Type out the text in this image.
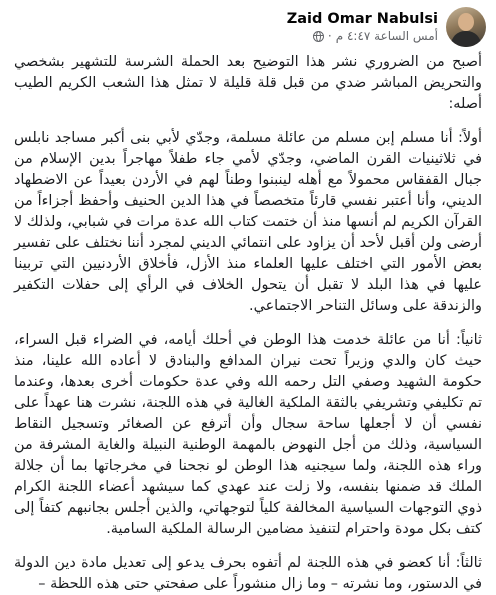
Zaid Omar Nabulsi
أمس الساعة ٤:٤٧ م
·

أصبح من الضروري نشر هذا التوضيح بعد الحملة الشرسة للتشهير بشخصي والتحريض المباشر ضدي من قبل قلة قليلة لا تمثل هذا الشعب الكريم الطيب أصله:

أولاً: أنا مسلم إبن مسلم من عائلة مسلمة، وجدّي لأبي بنى أكبر مساجد نابلس في ثلاثينيات القرن الماضي، وجدّي لأمي جاء طفلاً مهاجراً بدين الإسلام من جبال القفقاس محمولاً مع أهله لينبنوا وطناً لهم في الأردن بعيداً عن الاضطهاد الديني، وأنا أعتبر نفسي قارئاً متخصصاً في هذا الدين الحنيف وأحفظ أجزاءاً من القرآن الكريم لم أنسها منذ أن ختمت كتاب الله عدة مرات في شبابي، ولذلك لا أرضى ولن أقبل لأحد أن يزاود على انتمائي الديني لمجرد أننا نختلف على تفسير بعض الأمور التي اختلف عليها العلماء منذ الأزل، فأخلاق الأردنيين التي تربينا عليها في هذا البلد لا تقبل أن يتحول الخلاف في الرأي إلى حفلات التكفير والزندقة على وسائل التناحر الاجتماعي.

ثانياً: أنا من عائلة خدمت هذا الوطن في أحلك أيامه، في الضراء قبل السراء، حيث كان والدي وزيراً تحت نيران المدافع والبنادق لا أعاده الله علينا، منذ حكومة الشهيد وصفي التل رحمه الله وفي عدة حكومات أخرى بعدها، وعندما تم تكليفي وتشريفي بالثقة الملكية الغالية في هذه اللجنة، نشرت هنا عهداً على نفسي أن لا أجعلها ساحة سجال وأن أترفع عن الصغائر وتسجيل النقاط السياسية، وذلك من أجل النهوض بالمهمة الوطنية النبيلة والغاية المشرفة من وراء هذه اللجنة، ولما سيجنيه هذا الوطن لو نجحنا في مخرجاتها بما أن جلالة الملك قد ضمنها بنفسه، ولا زلت عند عهدي كما سيشهد أعضاء اللجنة الكرام ذوي التوجهات السياسية المخالفة كلياً لتوجهاتي، والذين أجلس بجانبهم كتفاً إلى كتف بكل مودة واحترام لتنفيذ مضامين الرسالة الملكية السامية.

ثالثاً: أنا كعضو في هذه اللجنة لم أتفوه بحرف يدعو إلى تعديل مادة دين الدولة في الدستور، وما نشرته – وما زال منشوراً على صفحتي حتى هذه اللحظة –
